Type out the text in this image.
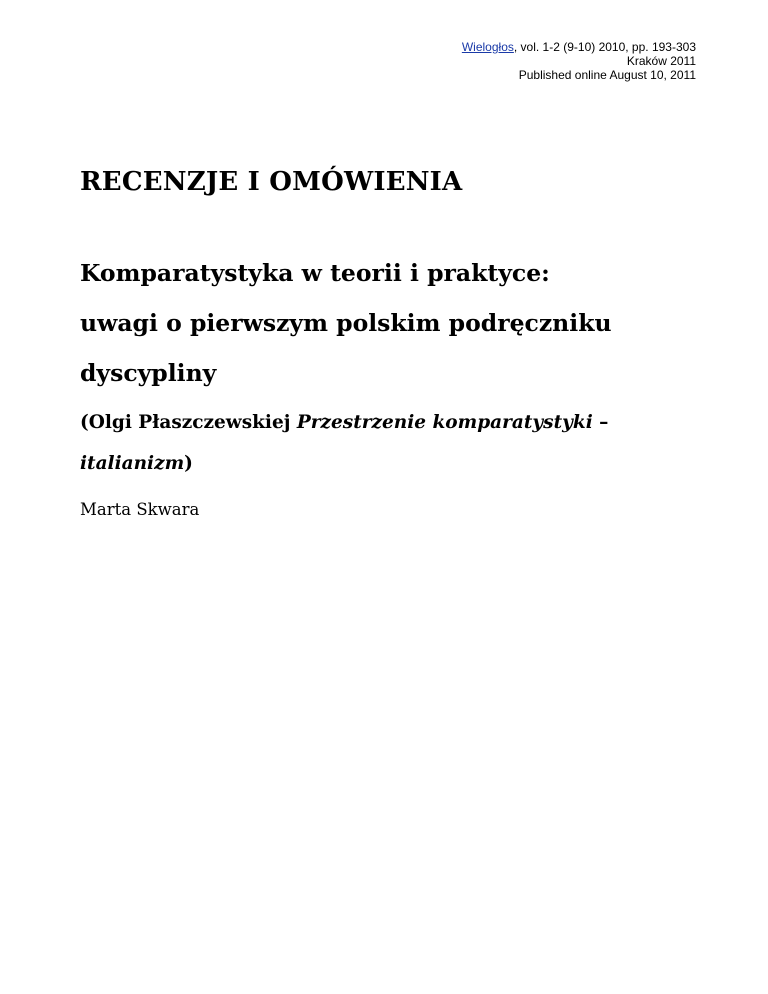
Wielogłos, vol. 1-2 (9-10) 2010, pp. 193-303
Kraków 2011
Published online August 10, 2011
RECENZJE I OMÓWIENIA
Komparatystyka w teorii i praktyce:
uwagi o pierwszym polskim podręczniku
dyscypliny
(Olgi Płaszczewskiej Przestrzenie komparatystyki –
italianizm)

Marta Skwara
